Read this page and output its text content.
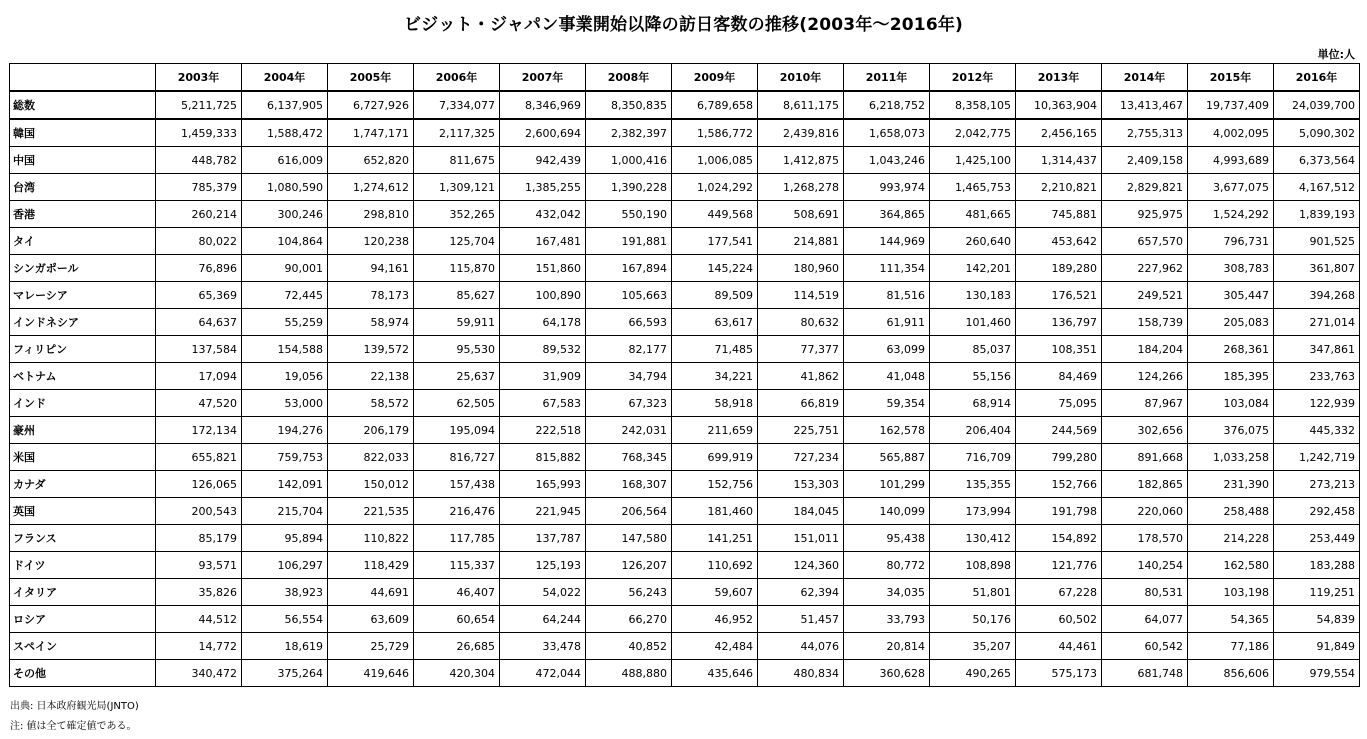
ビジット・ジャパン事業開始以降の訪日客数の推移(2003年～2016年)
単位:人
	2003年	2004年	2005年	2006年	2007年	2008年	2009年	2010年	2011年	2012年	2013年	2014年	2015年	2016年
総数	5,211,725	6,137,905	6,727,926	7,334,077	8,346,969	8,350,835	6,789,658	8,611,175	6,218,752	8,358,105	10,363,904	13,413,467	19,737,409	24,039,700
韓国	1,459,333	1,588,472	1,747,171	2,117,325	2,600,694	2,382,397	1,586,772	2,439,816	1,658,073	2,042,775	2,456,165	2,755,313	4,002,095	5,090,302
中国	448,782	616,009	652,820	811,675	942,439	1,000,416	1,006,085	1,412,875	1,043,246	1,425,100	1,314,437	2,409,158	4,993,689	6,373,564
台湾	785,379	1,080,590	1,274,612	1,309,121	1,385,255	1,390,228	1,024,292	1,268,278	993,974	1,465,753	2,210,821	2,829,821	3,677,075	4,167,512
香港	260,214	300,246	298,810	352,265	432,042	550,190	449,568	508,691	364,865	481,665	745,881	925,975	1,524,292	1,839,193
タイ	80,022	104,864	120,238	125,704	167,481	191,881	177,541	214,881	144,969	260,640	453,642	657,570	796,731	901,525
シンガポール	76,896	90,001	94,161	115,870	151,860	167,894	145,224	180,960	111,354	142,201	189,280	227,962	308,783	361,807
マレーシア	65,369	72,445	78,173	85,627	100,890	105,663	89,509	114,519	81,516	130,183	176,521	249,521	305,447	394,268
インドネシア	64,637	55,259	58,974	59,911	64,178	66,593	63,617	80,632	61,911	101,460	136,797	158,739	205,083	271,014
フィリピン	137,584	154,588	139,572	95,530	89,532	82,177	71,485	77,377	63,099	85,037	108,351	184,204	268,361	347,861
ベトナム	17,094	19,056	22,138	25,637	31,909	34,794	34,221	41,862	41,048	55,156	84,469	124,266	185,395	233,763
インド	47,520	53,000	58,572	62,505	67,583	67,323	58,918	66,819	59,354	68,914	75,095	87,967	103,084	122,939
豪州	172,134	194,276	206,179	195,094	222,518	242,031	211,659	225,751	162,578	206,404	244,569	302,656	376,075	445,332
米国	655,821	759,753	822,033	816,727	815,882	768,345	699,919	727,234	565,887	716,709	799,280	891,668	1,033,258	1,242,719
カナダ	126,065	142,091	150,012	157,438	165,993	168,307	152,756	153,303	101,299	135,355	152,766	182,865	231,390	273,213
英国	200,543	215,704	221,535	216,476	221,945	206,564	181,460	184,045	140,099	173,994	191,798	220,060	258,488	292,458
フランス	85,179	95,894	110,822	117,785	137,787	147,580	141,251	151,011	95,438	130,412	154,892	178,570	214,228	253,449
ドイツ	93,571	106,297	118,429	115,337	125,193	126,207	110,692	124,360	80,772	108,898	121,776	140,254	162,580	183,288
イタリア	35,826	38,923	44,691	46,407	54,022	56,243	59,607	62,394	34,035	51,801	67,228	80,531	103,198	119,251
ロシア	44,512	56,554	63,609	60,654	64,244	66,270	46,952	51,457	33,793	50,176	60,502	64,077	54,365	54,839
スペイン	14,772	18,619	25,729	26,685	33,478	40,852	42,484	44,076	20,814	35,207	44,461	60,542	77,186	91,849
その他	340,472	375,264	419,646	420,304	472,044	488,880	435,646	480,834	360,628	490,265	575,173	681,748	856,606	979,554
出典: 日本政府観光局(JNTO)
注: 値は全て確定値である。
